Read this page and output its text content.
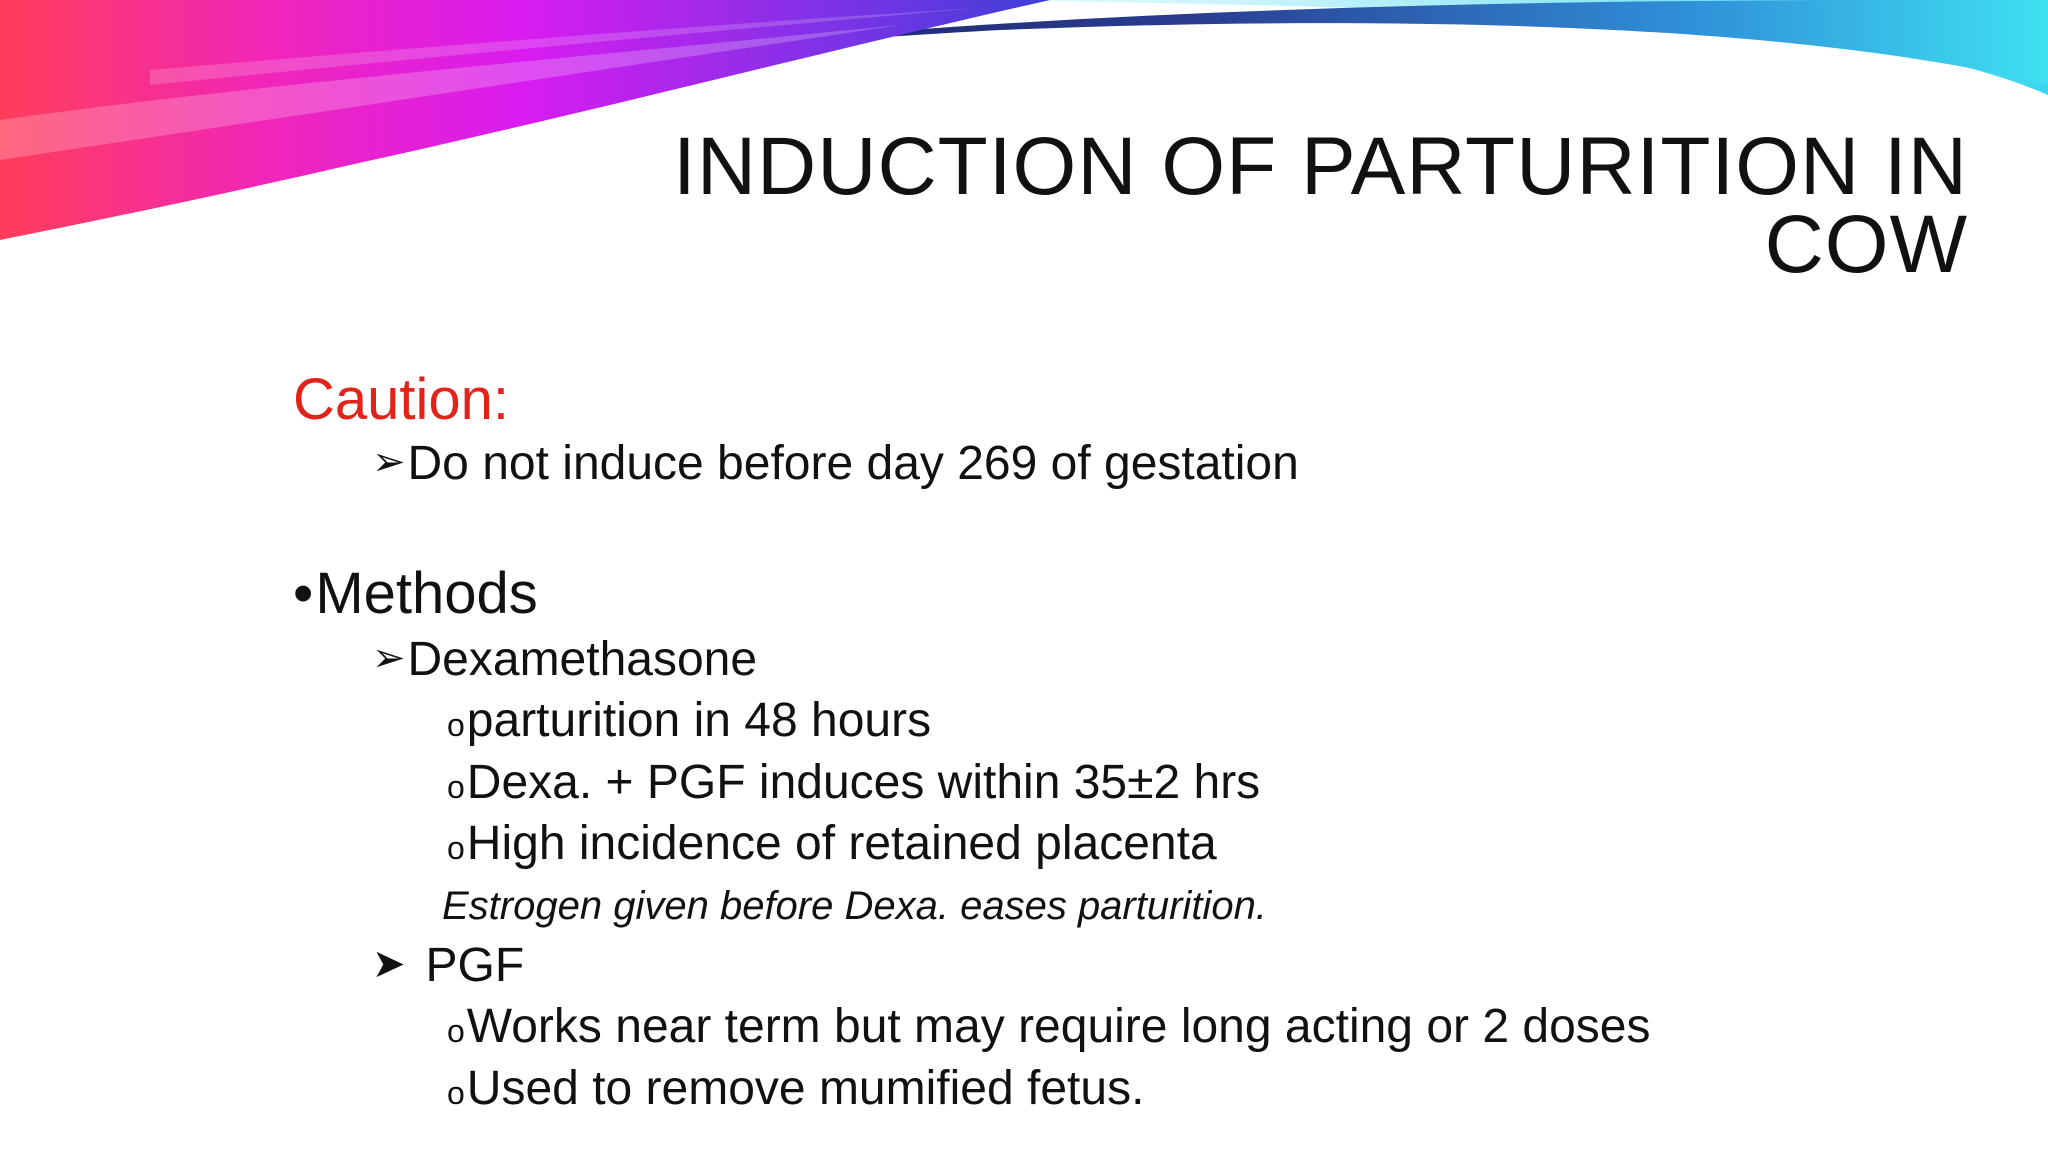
INDUCTION OF PARTURITION IN
COW
Caution:
➢Do not induce before day 269 of gestation
•Methods
➢Dexamethasone
oparturition in 48 hours
oDexa. + PGF induces within 35±2 hrs
oHigh incidence of retained placenta
Estrogen given before Dexa. eases parturition.
➤ PGF
oWorks near term but may require long acting or 2 doses
oUsed to remove mumified fetus.
